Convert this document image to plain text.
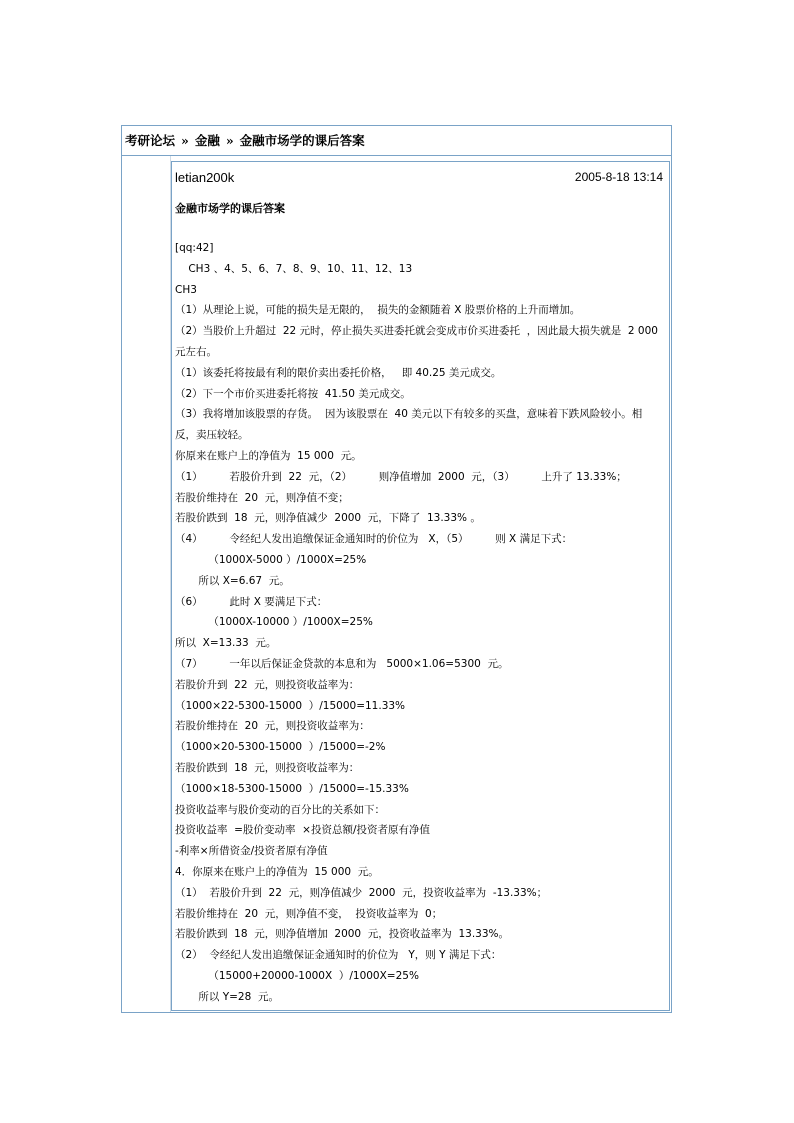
考研论坛 » 金融 » 金融市场学的课后答案
letian200k	2005-8-18 13:14
金融市场学的课后答案
[qq:42]
CH3 、4、5、6、7、8、9、10、11、12、13
CH3
（1）从理论上说，可能的损失是无限的，  损失的金额随着 X 股票价格的上升而增加。
（2）当股价上升超过  22 元时，停止损失买进委托就会变成市价买进委托  ，因此最大损失就是  2 000
元左右。
（1）该委托将按最有利的限价卖出委托价格，   即 40.25 美元成交。
（2）下一个市价买进委托将按  41.50 美元成交。
（3）我将增加该股票的存货。  因为该股票在  40 美元以下有较多的买盘，意味着下跌风险较小。相
反，卖压较轻。
你原来在账户上的净值为  15 000  元。
（1）        若股价升到  22  元，（2）        则净值增加  2000  元，（3）        上升了 13.33%；
若股价维持在  20  元，则净值不变；
若股价跌到  18  元，则净值减少  2000  元，下降了  13.33% 。
（4）        令经纪人发出追缴保证金通知时的价位为   X，（5）        则 X 满足下式：
（1000X-5000 ）/1000X=25%
所以 X=6.67  元。
（6）        此时 X 要满足下式：
（1000X-10000 ）/1000X=25%
所以  X=13.33  元。
（7）        一年以后保证金贷款的本息和为   5000×1.06=5300  元。
若股价升到  22  元，则投资收益率为：
（1000×22-5300-15000  ）/15000=11.33%
若股价维持在  20  元，则投资收益率为：
（1000×20-5300-15000  ）/15000=-2%
若股价跌到  18  元，则投资收益率为：
（1000×18-5300-15000  ）/15000=-15.33%
投资收益率与股价变动的百分比的关系如下：
投资收益率  =股价变动率  ×投资总额/投资者原有净值
-利率×所借资金/投资者原有净值
4．你原来在账户上的净值为  15 000  元。
（1）  若股价升到  22  元，则净值减少  2000  元，投资收益率为  -13.33%；
若股价维持在  20  元，则净值不变，  投资收益率为  0；
若股价跌到  18  元，则净值增加  2000  元，投资收益率为  13.33%。
（2）  令经纪人发出追缴保证金通知时的价位为   Y，则 Y 满足下式：
（15000+20000-1000X  ）/1000X=25%
所以 Y=28  元。
